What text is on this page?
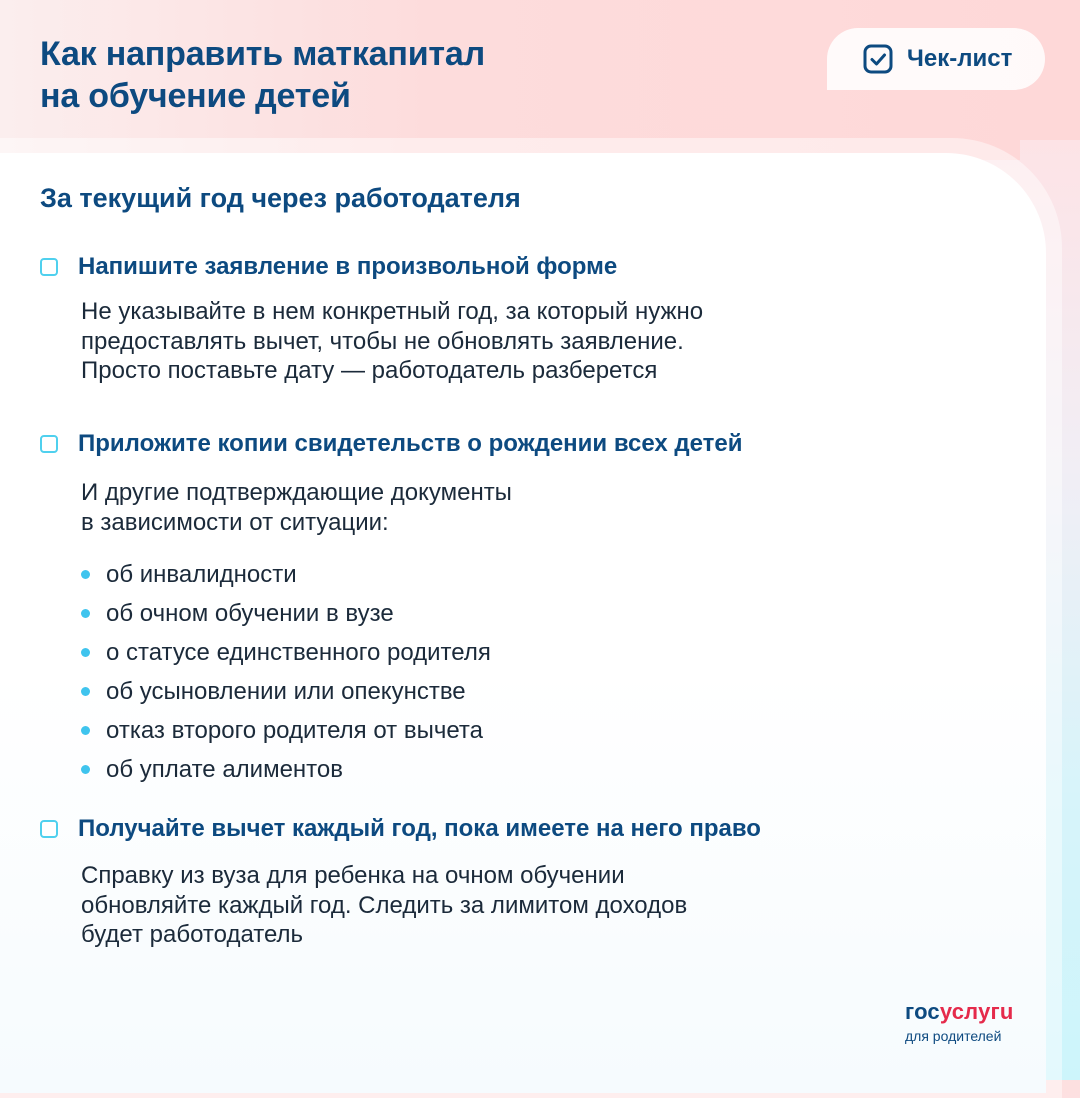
Как направить маткапитал
на обучение детей
Чек-лист
За текущий год через работодателя
Напишите заявление в произвольной форме

Не указывайте в нем конкретный год, за который нужно
предоставлять вычет, чтобы не обновлять заявление.
Просто поставьте дату — работодатель разберется

Приложите копии свидетельств о рождении всех детей

И другие подтверждающие документы
в зависимости от ситуации:

об инвалидности
об очном обучении в вузе
о статусе единственного родителя
об усыновлении или опекунстве
отказ второго родителя от вычета
об уплате алиментов
Получайте вычет каждый год, пока имеете на него право

Справку из вуза для ребенка на очном обучении
обновляйте каждый год. Следить за лимитом доходов
будет работодатель

госуслугu
для родителей
